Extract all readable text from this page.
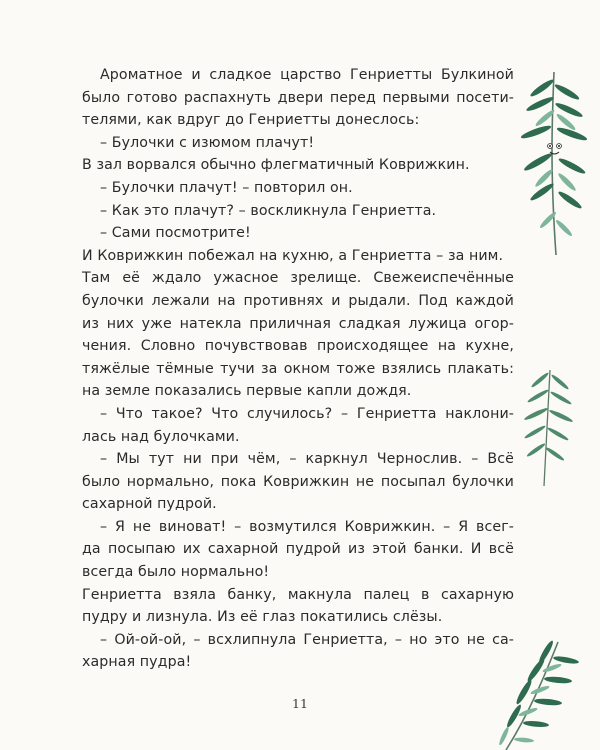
Ароматное и сладкое царство Генриетты Булкиной
было готово распахнуть двери перед первыми посети-
телями, как вдруг до Генриетты донеслось:
– Булочки с изюмом плачут!
В зал ворвался обычно флегматичный Коврижкин.
– Булочки плачут! – повторил он.
– Как это плачут? – воскликнула Генриетта.
– Сами посмотрите!
И Коврижкин побежал на кухню, а Генриетта – за ним.
Там её ждало ужасное зрелище. Свежеиспечённые
булочки лежали на противнях и рыдали. Под каждой
из них уже натекла приличная сладкая лужица огор-
чения. Словно почувствовав происходящее на кухне,
тяжёлые тёмные тучи за окном тоже взялись плакать:
на земле показались первые капли дождя.
– Что такое? Что случилось? – Генриетта наклони-
лась над булочками.
– Мы тут ни при чём, – каркнул Чернослив. – Всё
было нормально, пока Коврижкин не посыпал булочки
сахарной пудрой.
– Я не виноват! – возмутился Коврижкин. – Я всег-
да посыпаю их сахарной пудрой из этой банки. И всё
всегда было нормально!
Генриетта взяла банку, макнула палец в сахарную
пудру и лизнула. Из её глаз покатились слёзы.
– Ой-ой-ой, – всхлипнула Генриетта, – но это не са-
харная пудра!
11
